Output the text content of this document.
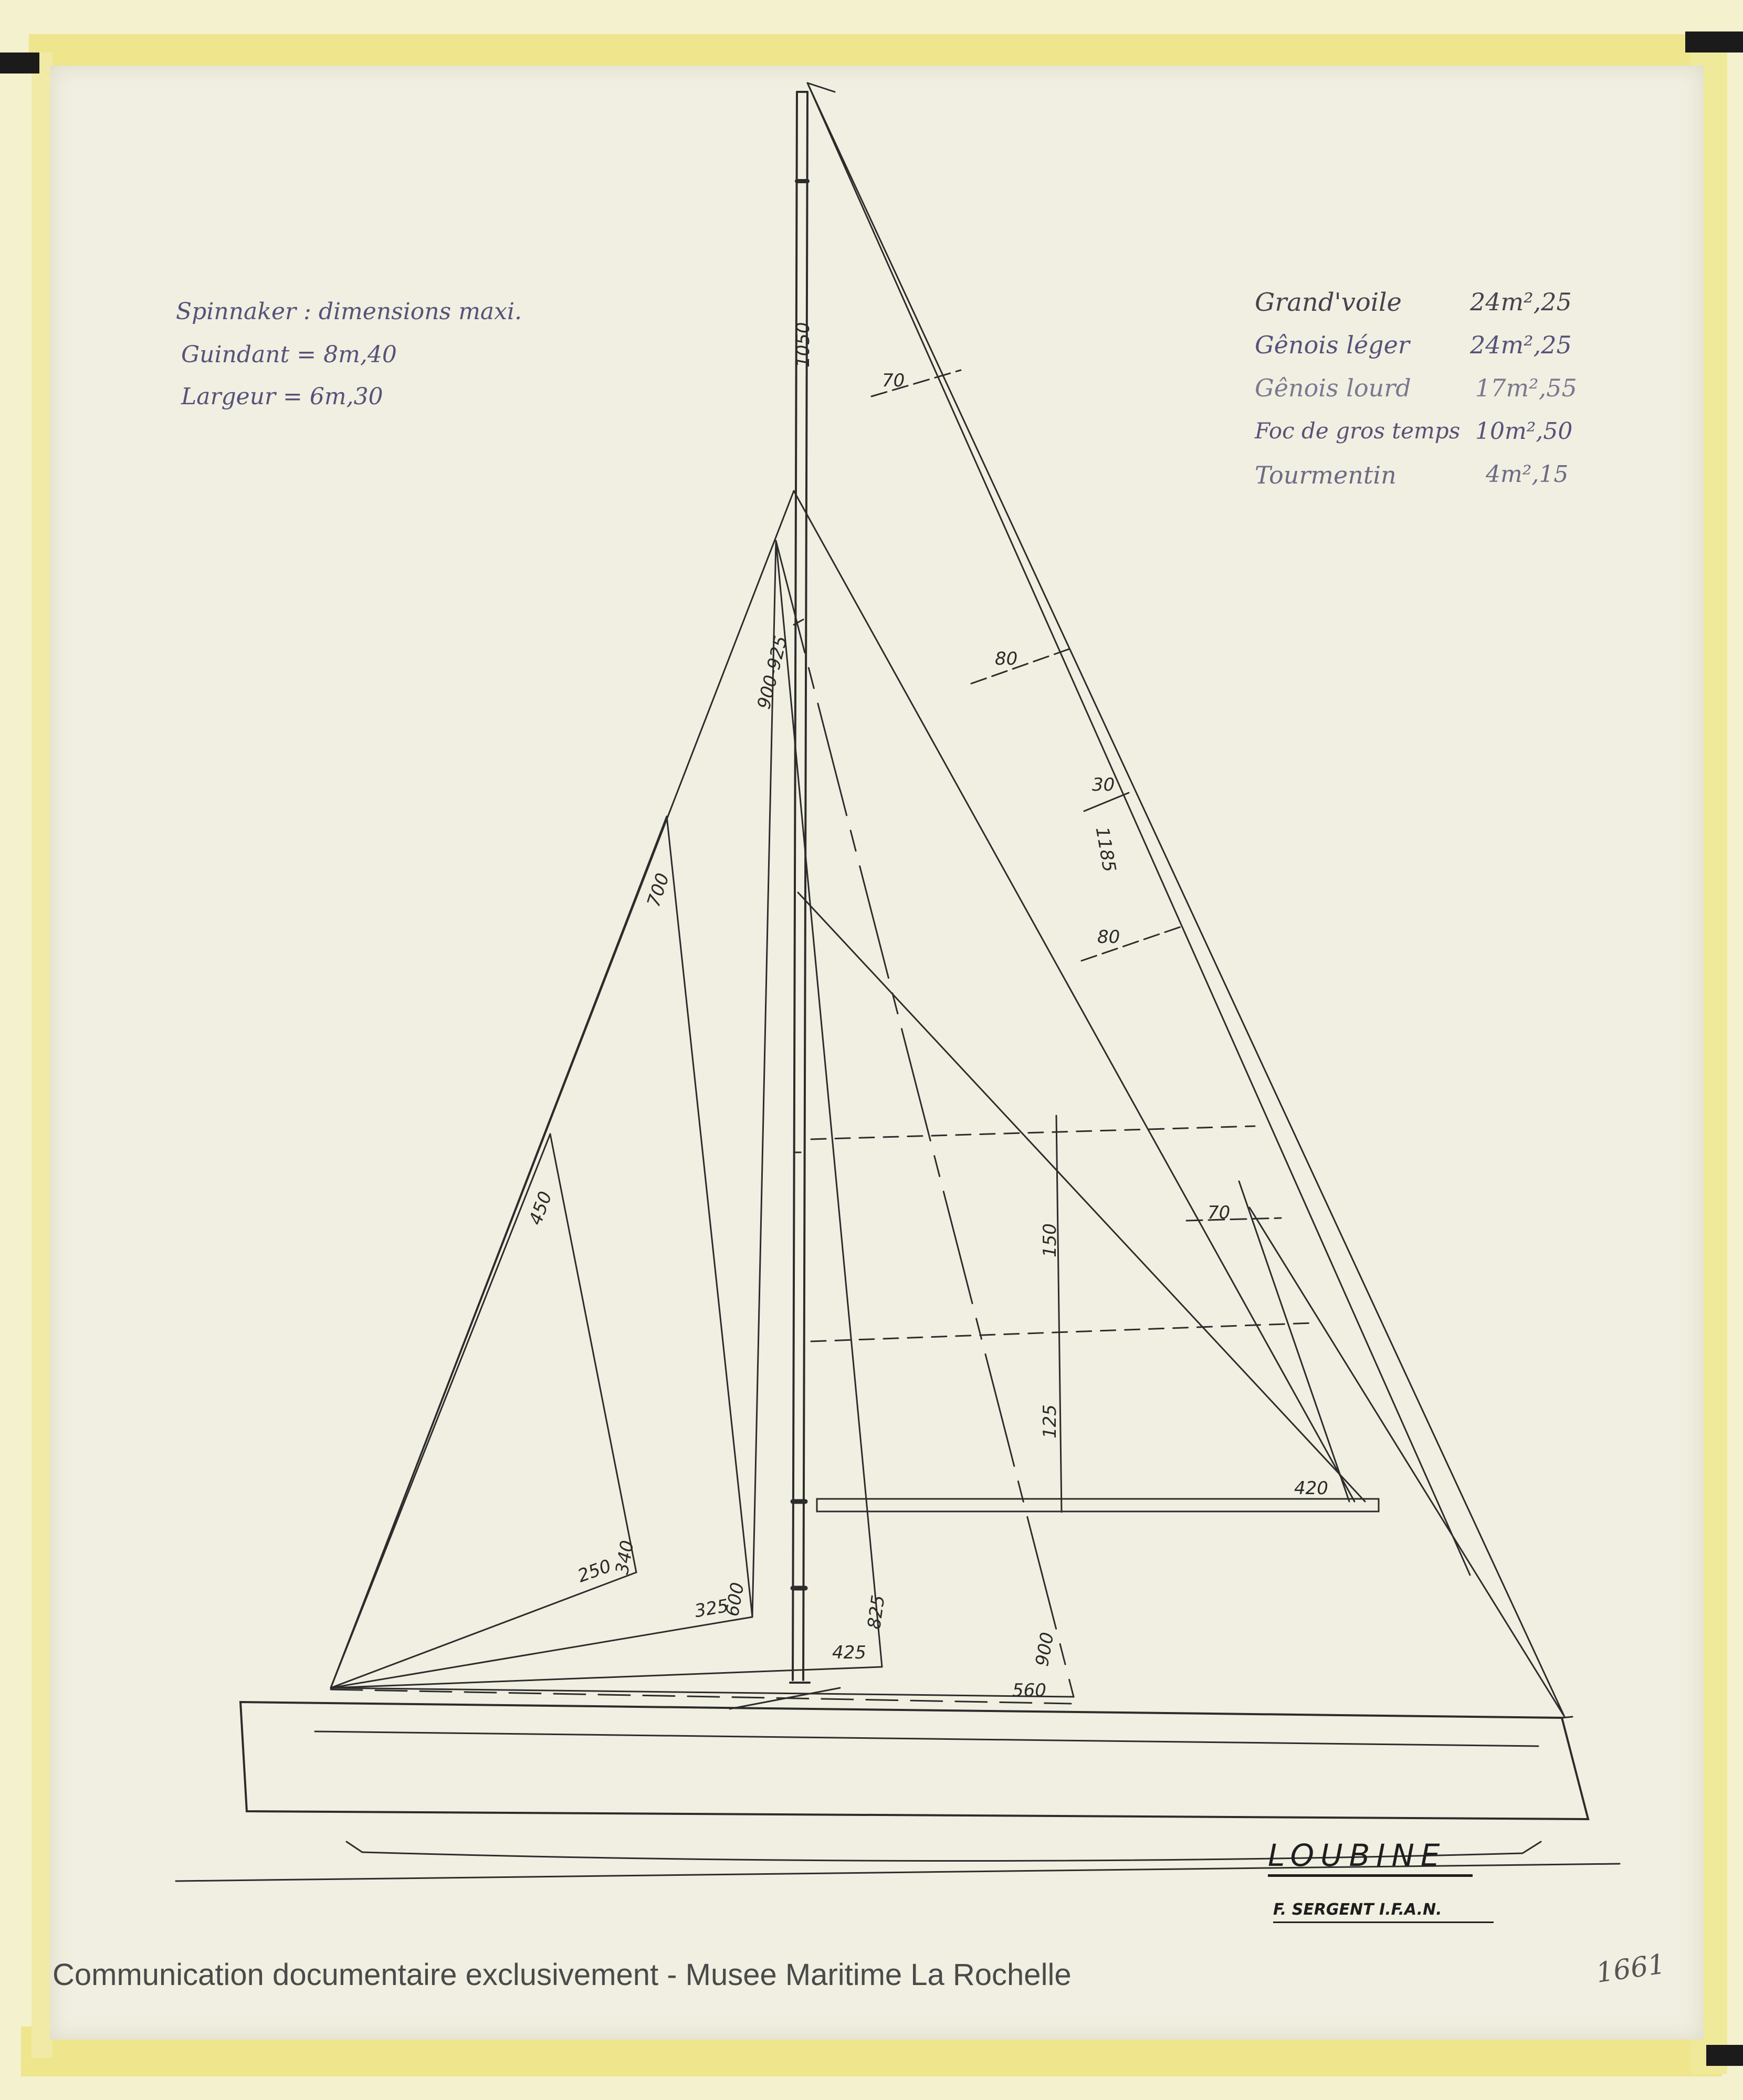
Spinnaker : dimensions maxi.
Guindant = 8m,40
Largeur = 6m,30
Grand'voile	24m²,25
Gênois léger	24m²,25
Gênois lourd	17m²,55
Foc de gros temps 10m²,50
Tourmentin	4m²,15
1050
70
80
30
1185
80
70
900-925
700
450
340
250
600
325	825
425	900
560
150
125
420
LOUBINE
F. SERGENT I.F.A.N.
1661
Communication documentaire exclusivement - Musee Maritime La Rochelle
